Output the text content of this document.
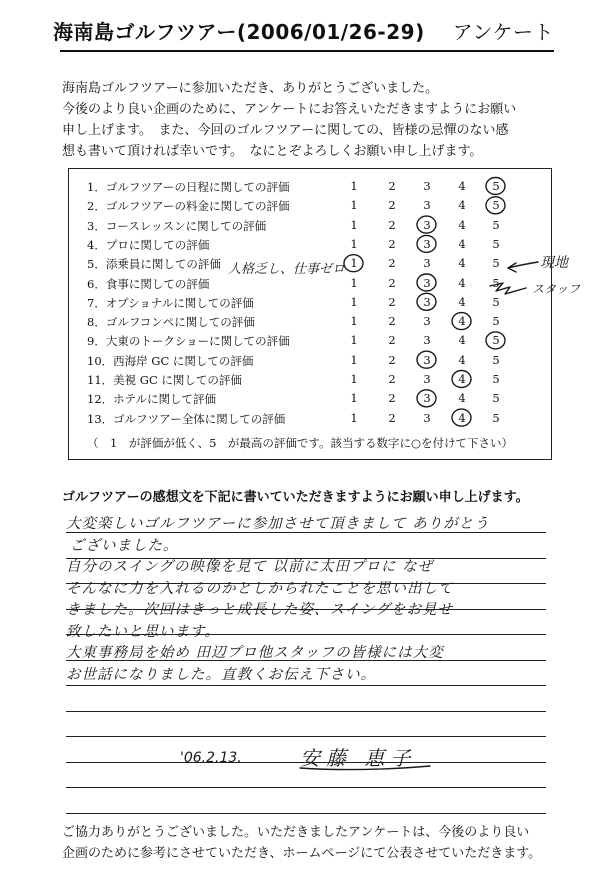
海南島ゴルフツアー(2006/01/26-29) アンケート
海南島ゴルフツアーに参加いただき、ありがとうございました。
今後のより良い企画のために、アンケートにお答えいただきますようにお願い
申し上げます。　また、今回のゴルフツアーに関しての、皆様の忌憚のない感
想も書いて頂ければ幸いです。　なにとぞよろしくお願い申し上げます。
13．ゴルフツアー全体に関しての評価	1	2 3 4 5
12．ホテルに関して評価	1	2 3 4 5
11．美視 GC に関しての評価	1	2 3 4 5
10．西海岸 GC に関しての評価	1	2 3 4 5
9．大東のトークショーに関しての評価	1	2 3 4 5
8．ゴルフコンペに関しての評価	1	2 3 4 5
7．オプショナルに関しての評価	1	2 3 4 5
6．食事に関しての評価	1	2 3 4 5
5．添乗員に関しての評価	1	2 3 4 5
4．プロに関しての評価	1	2 3 4 5
3．コースレッスンに関しての評価	1	2 3 4 5
2．ゴルフツアーの料金に関しての評価	1	2 3 4 5
1．ゴルフツアーの日程に関しての評価	1	2 3 4 5
（　1　が評価が低く、5　が最高の評価です。該当する数字に○を付けて下さい）
人格乏し、仕事ゼロ	現地
スタッフ
ゴルフツアーの感想文を下記に書いていただきますようにお願い申し上げます。
大変楽しいゴルフツアーに参加させて頂きまして ありがとう
ございました。
自分のスイングの映像を見て 以前に太田プロに なぜ
そんなに力を入れるのかとしかられたことを思い出して
きました。次回はきっと成長した姿、スイングをお見せ
致したいと思います。
大東事務局を始め 田辺プロ他スタッフの皆様には大変
お世話になりました。直教くお伝え下さい。
'06.2.13.	安藤 恵子
ご協力ありがとうございました。いただきましたアンケートは、今後のより良い
企画のために参考にさせていただき、ホームページにて公表させていただきます。
